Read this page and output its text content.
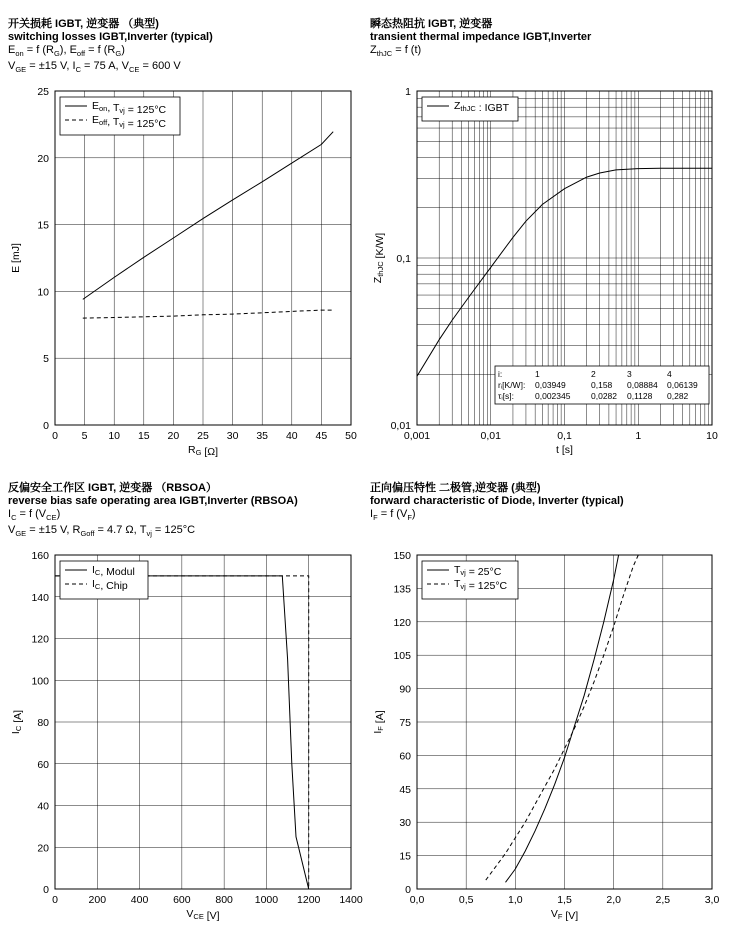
开关损耗 IGBT, 逆变器 （典型)
switching losses IGBT,Inverter (typical)
$E_{on} = f$ $(R_G)$, $E_{off} = f$ $(R_G)$
$V_{GE} = \pm 15$ V, $I_C = 75$ A, $V_{CE} = 600$ V
瞬态热阻抗 IGBT, 逆变器
transient thermal impedance IGBT,Inverter
$Z_{thJC} = f$ (t)
反偏安全工作区 IGBT, 逆变器 （RBSOA）
reverse bias safe operating area IGBT,Inverter (RBSOA)
$I_C = f$ $(V_{CE})$
$V_{GE} = \pm 15$ V, $R_{Goff} = 4.7$ Ω, $T_{vj} = 125^\circ C$
正向偏压特性 二极管,逆变器 (典型)
forward characteristic of Diode, Inverter (typical)
$I_F = f$ $(V_F)$
0 5 10 15 20 25 30 35 40 45 50
0
5
10
15
20
25
RG [Ω]
E [mJ]
Eon, Tvj = 125°C
Eoff, Tvj = 125°C
0,001	0,01	0,1	1	10
0,01
0,1
1
t [s]
ZthJC [K/W]
ZthJC : IGBT
i:	1	2	3	4
rᵢ[K/W]: 0,03949	0,158 0,08884 0,06139
τᵢ[s]: 0,002345 0,0282 0,1128 0,282
0	200 400 600 800 1000 1200 1400
0
20
40
60
80
100
120
140
160
VCE [V]
IC [A]
IC, Modul
IC, Chip
0,0	0,5	1,0	1,5	2,0	2,5	3,0
0
15
30
45
60
75
90
105
120
135
150
VF [V]
IF [A]
Tvj = 25°C
Tvj = 125°C
